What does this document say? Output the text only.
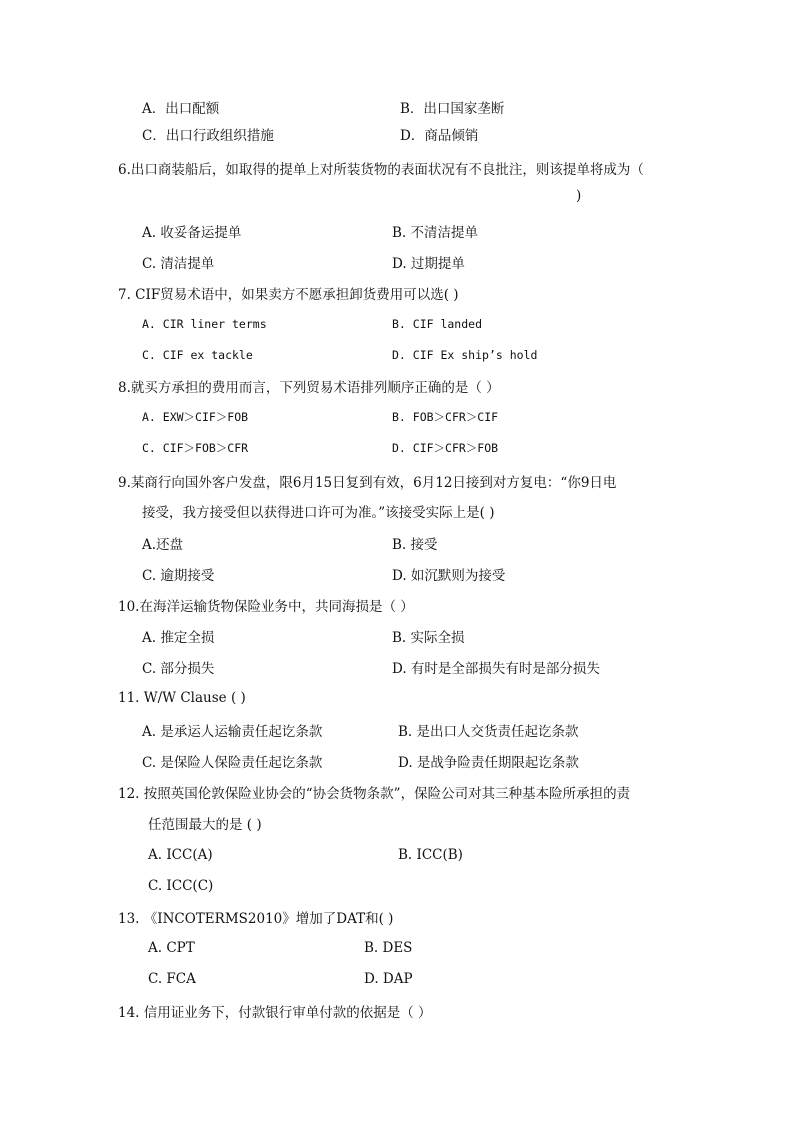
A．出口配额	B．出口国家垄断
C．出口行政组织措施	D．商品倾销
6.出口商装船后，如取得的提单上对所装货物的表面状况有不良批注，则该提单将成为（
)
A. 收妥备运提单	B. 不清洁提单
C. 清洁提单	D. 过期提单
7. CIF贸易术语中，如果卖方不愿承担卸货费用可以选( )
A. CIR liner terms	B. CIF landed
C. CIF ex tackle	D. CIF Ex ship’s hold
8.就买方承担的费用而言，下列贸易术语排列顺序正确的是（ ）
A. EXW＞CIF＞FOB	B. FOB＞CFR＞CIF
C. CIF＞FOB＞CFR	D. CIF＞CFR＞FOB
9.某商行向国外客户发盘，限6月15日复到有效，6月12日接到对方复电：“你9日电
接受，我方接受但以获得进口许可为准。”该接受实际上是( )
A.还盘	B. 接受
C. 逾期接受	D. 如沉默则为接受
10.在海洋运输货物保险业务中，共同海损是（ ）
A. 推定全损	B. 实际全损
C. 部分损失	D. 有时是全部损失有时是部分损失
11. W/W Clause ( )
A. 是承运人运输责任起讫条款	B. 是出口人交货责任起讫条款
C. 是保险人保险责任起讫条款	D. 是战争险责任期限起讫条款
12. 按照英国伦敦保险业协会的“协会货物条款”，保险公司对其三种基本险所承担的责
任范围最大的是 ( )
A. ICC(A)	B. ICC(B)
C. ICC(C)
13. 《INCOTERMS2010》增加了DAT和( )
A. CPT	B. DES
C. FCA	D. DAP
14. 信用证业务下，付款银行审单付款的依据是（ ）
